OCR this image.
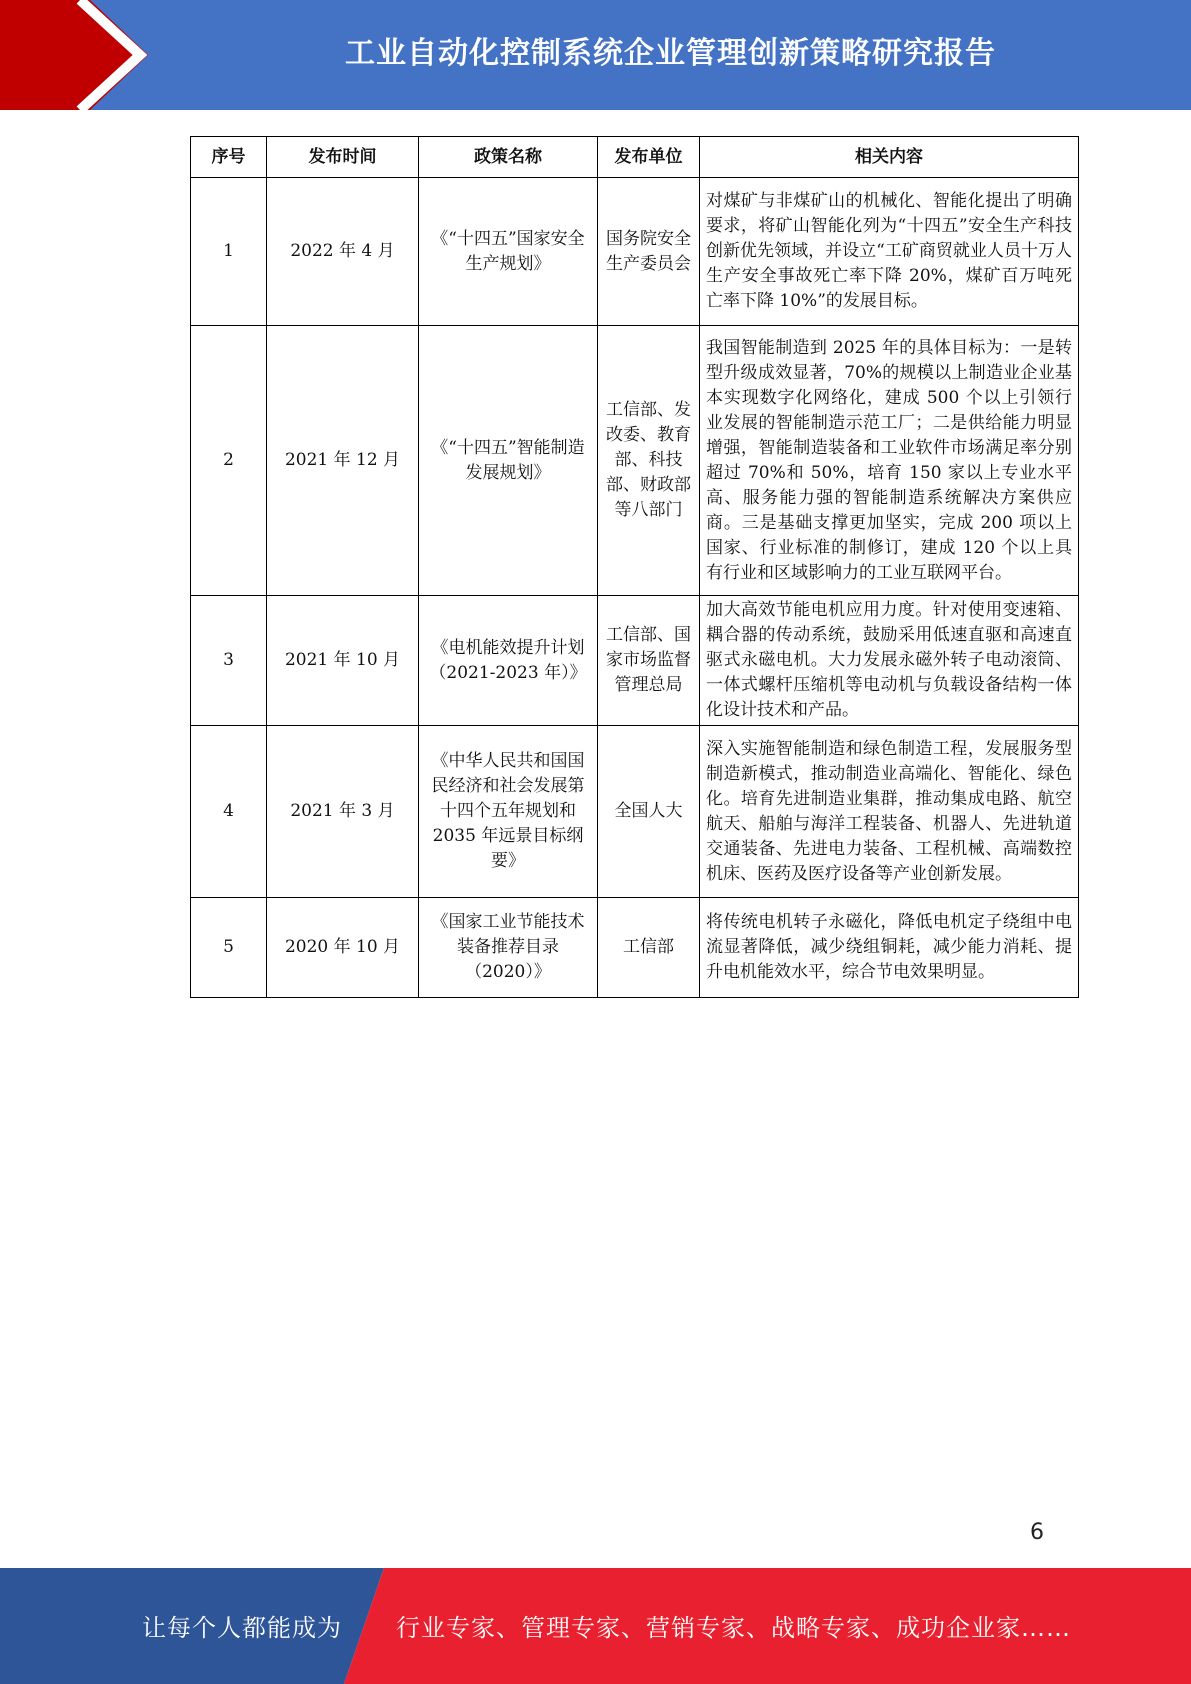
工业自动化控制系统企业管理创新策略研究报告
序号	发布时间	政策名称	发布单位	相关内容
1	2022 年 4 月	《“十四五”国家安全生产规划》	国务院安全生产委员会	对煤矿与非煤矿山的机械化、智能化提出了明确要求，将矿山智能化列为“十四五”安全生产科技创新优先领域，并设立“工矿商贸就业人员十万人生产安全事故死亡率下降 20%，煤矿百万吨死亡率下降 10%”的发展目标。
2	2021 年 12 月	《“十四五”智能制造发展规划》	工信部、发改委、教育部、科技部、财政部等八部门	我国智能制造到 2025 年的具体目标为：一是转型升级成效显著，70%的规模以上制造业企业基本实现数字化网络化，建成 500 个以上引领行业发展的智能制造示范工厂；二是供给能力明显增强，智能制造装备和工业软件市场满足率分别超过 70%和 50%，培育 150 家以上专业水平高、服务能力强的智能制造系统解决方案供应商。三是基础支撑更加坚实，完成 200 项以上国家、行业标准的制修订，建成 120 个以上具有行业和区域影响力的工业互联网平台。
3	2021 年 10 月	《电机能效提升计划（2021-2023 年）》	工信部、国家市场监督管理总局	加大高效节能电机应用力度。针对使用变速箱、耦合器的传动系统，鼓励采用低速直驱和高速直驱式永磁电机。大力发展永磁外转子电动滚筒、一体式螺杆压缩机等电动机与负载设备结构一体化设计技术和产品。
4	2021 年 3 月	《中华人民共和国国民经济和社会发展第十四个五年规划和 2035 年远景目标纲要》	全国人大	深入实施智能制造和绿色制造工程，发展服务型制造新模式，推动制造业高端化、智能化、绿色化。培育先进制造业集群，推动集成电路、航空航天、船舶与海洋工程装备、机器人、先进轨道交通装备、先进电力装备、工程机械、高端数控机床、医药及医疗设备等产业创新发展。
5	2020 年 10 月	《国家工业节能技术装备推荐目录（2020）》	工信部	将传统电机转子永磁化，降低电机定子绕组中电流显著降低，减少绕组铜耗，减少能力消耗、提升电机能效水平，综合节电效果明显。
6
让每个人都能成为 行业专家、管理专家、营销专家、战略专家、成功企业家……
